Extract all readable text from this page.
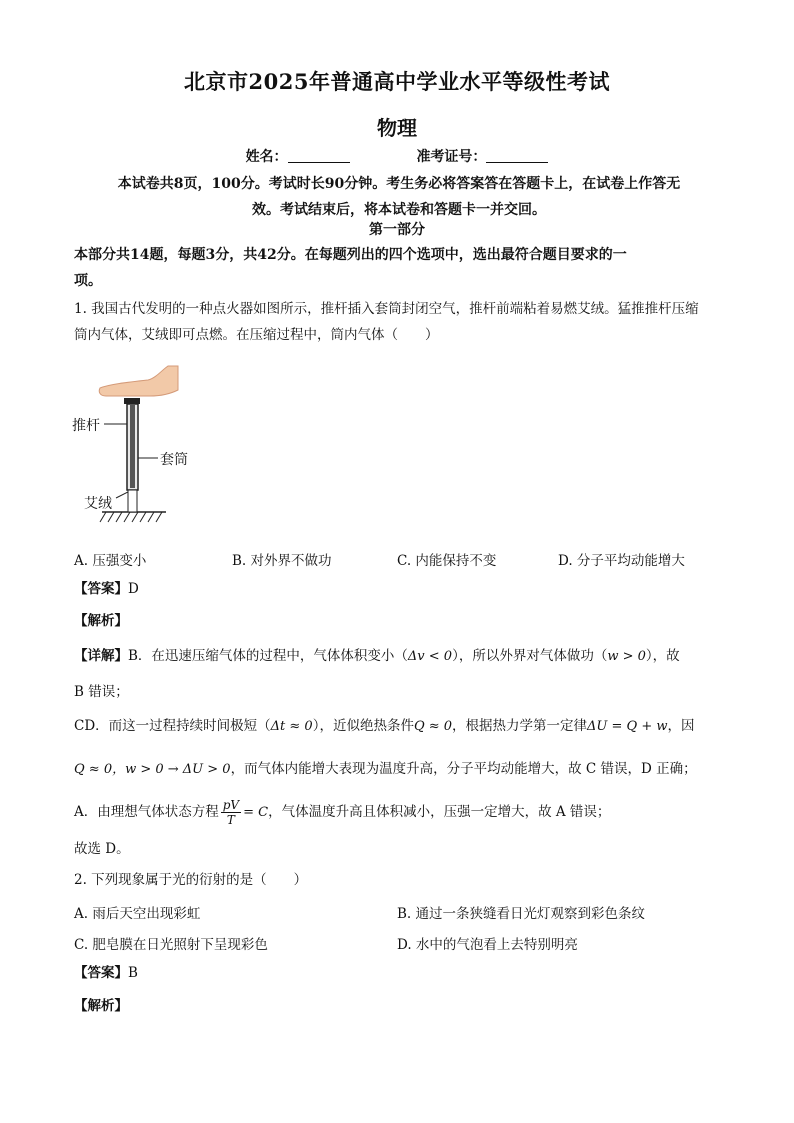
北京市2025年普通高中学业水平等级性考试
物理
姓名：	准考证号：
本试卷共8页，100分。考试时长90分钟。考生务必将答案答在答题卡上，在试卷上作答无
效。考试结束后，将本试卷和答题卡一并交回。
第一部分
本部分共14题，每题3分，共42分。在每题列出的四个选项中，选出最符合题目要求的一
项。
1. 我国古代发明的一种点火器如图所示，推杆插入套筒封闭空气，推杆前端粘着易燃艾绒。猛推推杆压缩
筒内气体，艾绒即可点燃。在压缩过程中，筒内气体（　　）
推杆
套筒
艾绒
A. 压强变小	B. 对外界不做功	C. 内能保持不变	D. 分子平均动能增大
【答案】D
【解析】
【详解】B．在迅速压缩气体的过程中，气体体积变小（Δv < 0），所以外界对气体做功（w > 0），故
B 错误；
CD．而这一过程持续时间极短（Δt ≈ 0），近似绝热条件Q ≈ 0，根据热力学第一定律ΔU = Q + w，因
Q ≈ 0，w > 0 → ΔU > 0，而气体内能增大表现为温度升高，分子平均动能增大，故 C 错误，D 正确；
A．由理想气体状态方程 $\frac{pV}{T} = C$，气体温度升高且体积减小，压强一定增大，故 A 错误；
故选 D。
2. 下列现象属于光的衍射的是（　　）
A. 雨后天空出现彩虹	B. 通过一条狭缝看日光灯观察到彩色条纹
C. 肥皂膜在日光照射下呈现彩色	D. 水中的气泡看上去特别明亮
【答案】B
【解析】
